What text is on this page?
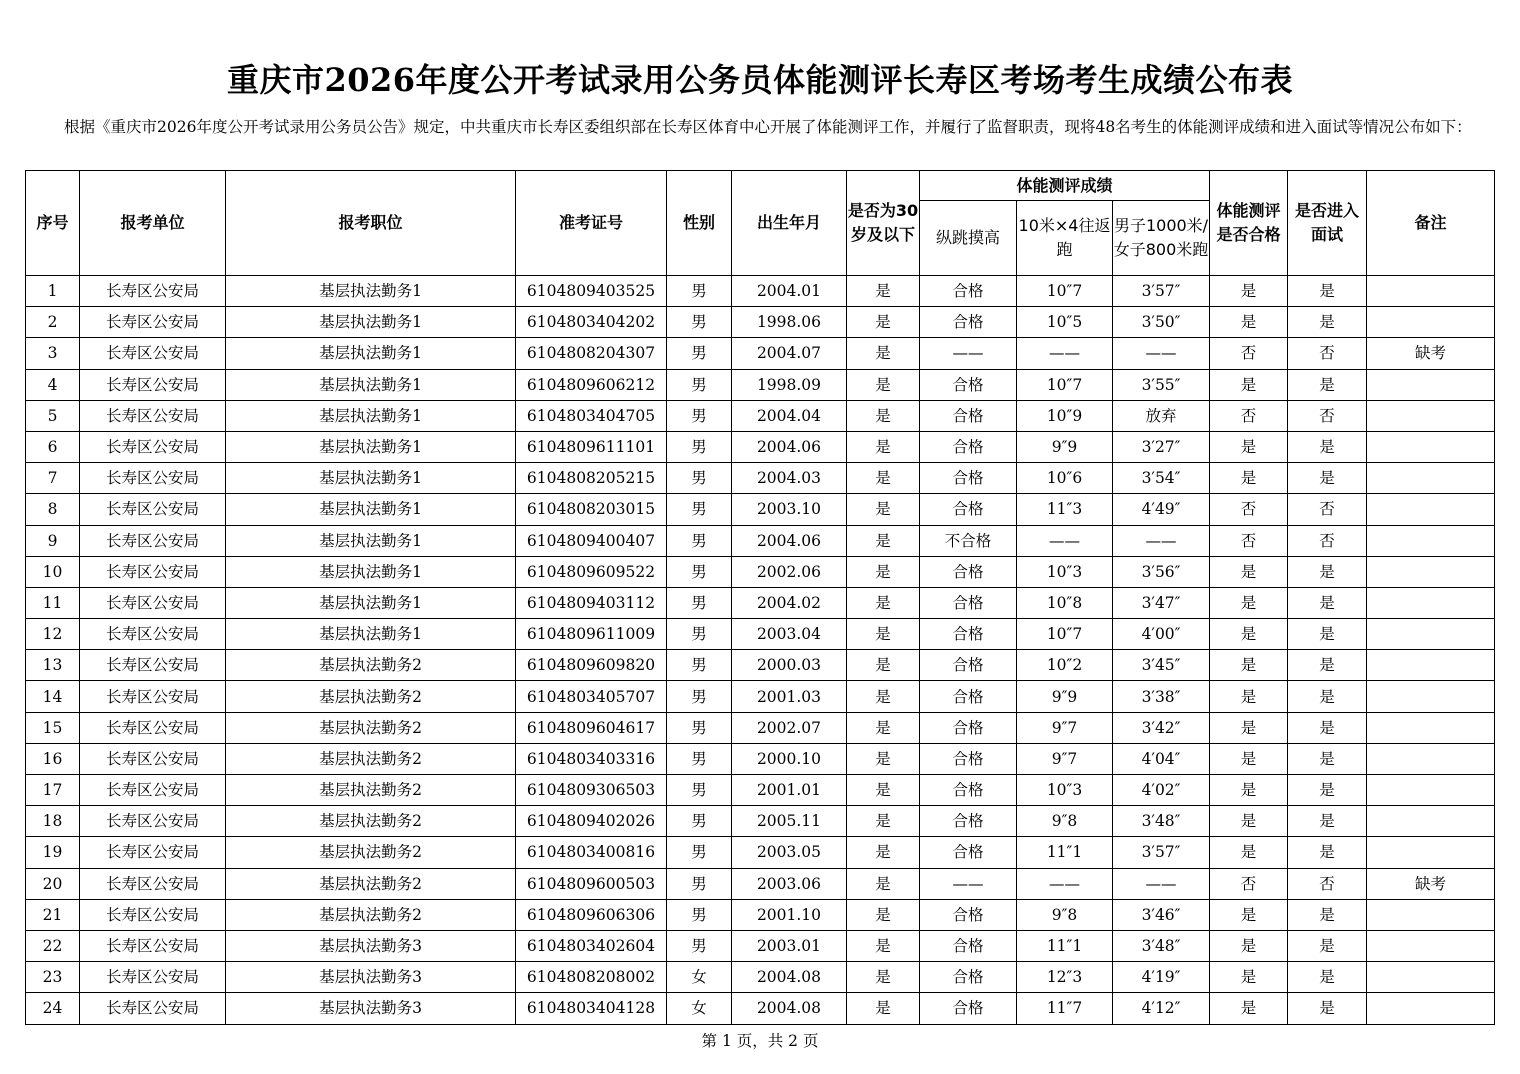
重庆市2026年度公开考试录用公务员体能测评长寿区考场考生成绩公布表
根据《重庆市2026年度公开考试录用公务员公告》规定，中共重庆市长寿区委组织部在长寿区体育中心开展了体能测评工作，并履行了监督职责，现将48名考生的体能测评成绩和进入面试等情况公布如下：
序号	报考单位	报考职位	准考证号	性别	出生年月	是否为30岁及以下	体能测评成绩			体能测评是否合格	是否进入面试	备注
							纵跳摸高	10米×4往返跑	男子1000米/女子800米跑			
1	长寿区公安局	基层执法勤务1	6104809403525	男	2004.01	是	合格	10″7	3′57″	是	是	
2	长寿区公安局	基层执法勤务1	6104803404202	男	1998.06	是	合格	10″5	3′50″	是	是	
3	长寿区公安局	基层执法勤务1	6104808204307	男	2004.07	是	——	——	——	否	否	缺考
4	长寿区公安局	基层执法勤务1	6104809606212	男	1998.09	是	合格	10″7	3′55″	是	是	
5	长寿区公安局	基层执法勤务1	6104803404705	男	2004.04	是	合格	10″9	放弃	否	否	
6	长寿区公安局	基层执法勤务1	6104809611101	男	2004.06	是	合格	9″9	3′27″	是	是	
7	长寿区公安局	基层执法勤务1	6104808205215	男	2004.03	是	合格	10″6	3′54″	是	是	
8	长寿区公安局	基层执法勤务1	6104808203015	男	2003.10	是	合格	11″3	4′49″	否	否	
9	长寿区公安局	基层执法勤务1	6104809400407	男	2004.06	是	不合格	——	——	否	否	
10	长寿区公安局	基层执法勤务1	6104809609522	男	2002.06	是	合格	10″3	3′56″	是	是	
11	长寿区公安局	基层执法勤务1	6104809403112	男	2004.02	是	合格	10″8	3′47″	是	是	
12	长寿区公安局	基层执法勤务1	6104809611009	男	2003.04	是	合格	10″7	4′00″	是	是	
13	长寿区公安局	基层执法勤务2	6104809609820	男	2000.03	是	合格	10″2	3′45″	是	是	
14	长寿区公安局	基层执法勤务2	6104803405707	男	2001.03	是	合格	9″9	3′38″	是	是	
15	长寿区公安局	基层执法勤务2	6104809604617	男	2002.07	是	合格	9″7	3′42″	是	是	
16	长寿区公安局	基层执法勤务2	6104803403316	男	2000.10	是	合格	9″7	4′04″	是	是	
17	长寿区公安局	基层执法勤务2	6104809306503	男	2001.01	是	合格	10″3	4′02″	是	是	
18	长寿区公安局	基层执法勤务2	6104809402026	男	2005.11	是	合格	9″8	3′48″	是	是	
19	长寿区公安局	基层执法勤务2	6104803400816	男	2003.05	是	合格	11″1	3′57″	是	是	
20	长寿区公安局	基层执法勤务2	6104809600503	男	2003.06	是	——	——	——	否	否	缺考
21	长寿区公安局	基层执法勤务2	6104809606306	男	2001.10	是	合格	9″8	3′46″	是	是	
22	长寿区公安局	基层执法勤务3	6104803402604	男	2003.01	是	合格	11″1	3′48″	是	是	
23	长寿区公安局	基层执法勤务3	6104808208002	女	2004.08	是	合格	12″3	4′19″	是	是	
24	长寿区公安局	基层执法勤务3	6104803404128	女	2004.08	是	合格	11″7	4′12″	是	是	
第 1 页，共 2 页
